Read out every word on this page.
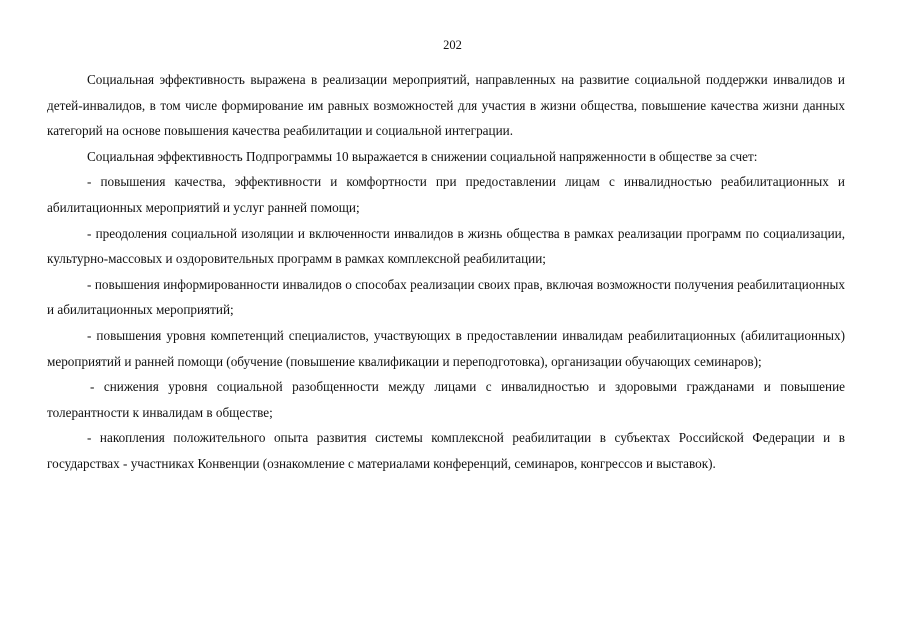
202

Социальная эффективность выражена в реализации мероприятий, направленных на развитие социальной поддержки инвалидов и детей-инвалидов, в том числе формирование им равных возможностей для участия в жизни общества, повышение качества жизни данных категорий на основе повышения качества реабилитации и социальной интеграции.

Социальная эффективность Подпрограммы 10 выражается в снижении социальной напряженности в обществе за счет:

- повышения качества, эффективности и комфортности при предоставлении лицам с инвалидностью реабилитационных и абилитационных мероприятий и услуг ранней помощи;

- преодоления социальной изоляции и включенности инвалидов в жизнь общества в рамках реализации программ по социализации, культурно-массовых и оздоровительных программ в рамках комплексной реабилитации;

- повышения информированности инвалидов о способах реализации своих прав, включая возможности получения реабилитационных и абилитационных мероприятий;

- повышения уровня компетенций специалистов, участвующих в предоставлении инвалидам реабилитационных (абилитационных) мероприятий и ранней помощи (обучение (повышение квалификации и переподготовка), организации обучающих семинаров);

- снижения уровня социальной разобщенности между лицами с инвалидностью и здоровыми гражданами и повышение толерантности к инвалидам в обществе;

- накопления положительного опыта развития системы комплексной реабилитации в субъектах Российской Федерации и в государствах - участниках Конвенции (ознакомление с материалами конференций, семинаров, конгрессов и выставок).
